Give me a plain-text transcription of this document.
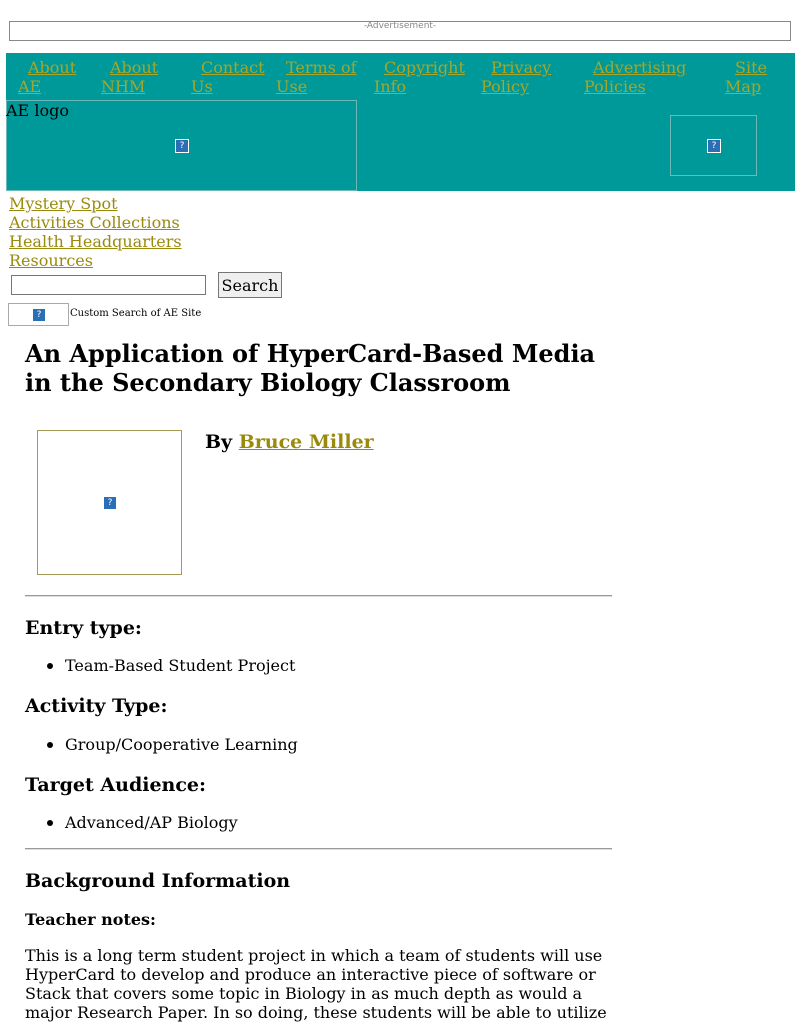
-Advertisement-
About
AE
About
NHM
Contact
Us
Terms of
Use
Copyright
Info
Privacy
Policy
Advertising
Policies
Site
Map
?
AE logo
?
Mystery Spot
Activities Collections
Health Headquarters
Resources
Search
?	Custom Search of AE Site
An Application of HyperCard-Based Media in the Secondary Biology Classroom
?
By Bruce Miller
Entry type:
Team-Based Student Project
Activity Type:
Group/Cooperative Learning
Target Audience:
Advanced/AP Biology
Background Information
Teacher notes:

This is a long term student project in which a team of students will use HyperCard to develop and produce an interactive piece of software or Stack that covers some topic in Biology in as much depth as would a major Research Paper. In so doing, these students will be able to utilize
